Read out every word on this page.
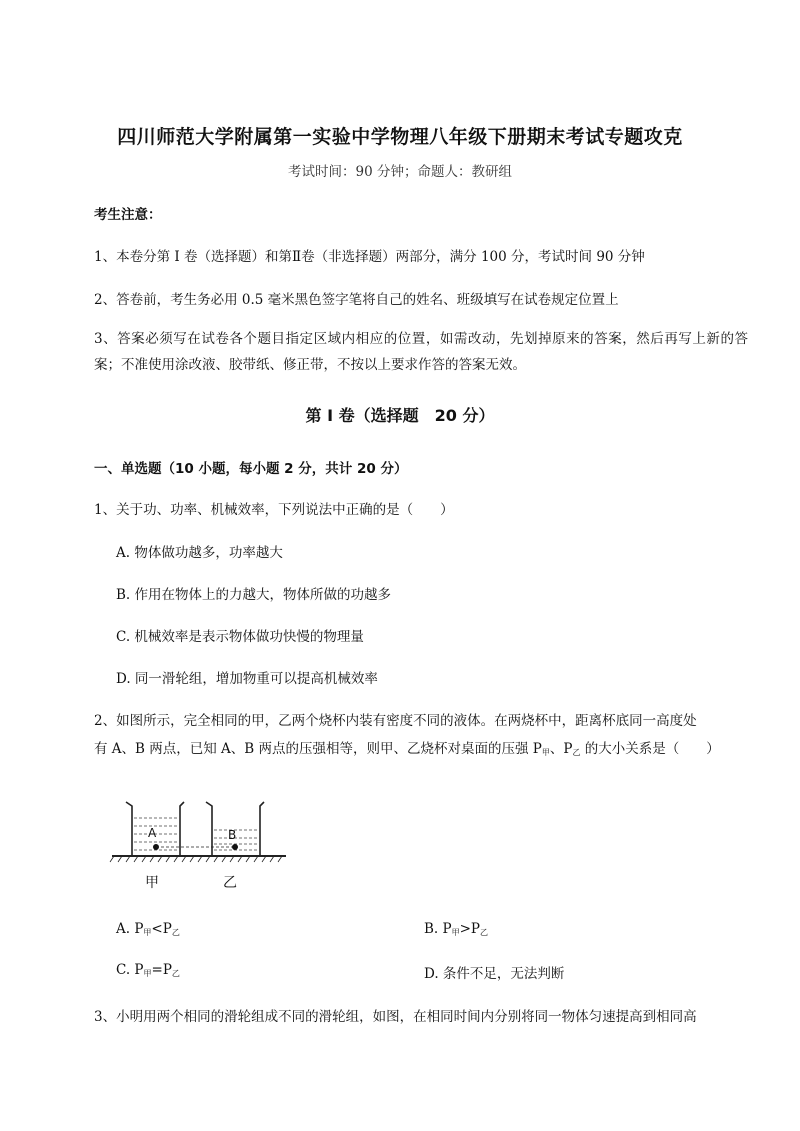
四川师范大学附属第一实验中学物理八年级下册期末考试专题攻克
考试时间：90 分钟；命题人：教研组
考生注意：
1、本卷分第 I 卷（选择题）和第Ⅱ卷（非选择题）两部分，满分 100 分，考试时间 90 分钟
2、答卷前，考生务必用 0.5 毫米黑色签字笔将自己的姓名、班级填写在试卷规定位置上
3、答案必须写在试卷各个题目指定区域内相应的位置，如需改动，先划掉原来的答案，然后再写上新的答案；不准使用涂改液、胶带纸、修正带，不按以上要求作答的答案无效。
第 I 卷（选择题　20 分）
一、单选题（10 小题，每小题 2 分，共计 20 分）
1、关于功、功率、机械效率，下列说法中正确的是（　　）
A. 物体做功越多，功率越大
B. 作用在物体上的力越大，物体所做的功越多
C. 机械效率是表示物体做功快慢的物理量
D. 同一滑轮组，增加物重可以提高机械效率
2、如图所示，完全相同的甲，乙两个烧杯内装有密度不同的液体。在两烧杯中，距离杯底同一高度处
有 A、B 两点，已知 A、B 两点的压强相等，则甲、乙烧杯对桌面的压强 $P_甲$、$P_乙$ 的大小关系是（　　）
A	B
甲	乙
A. $P_甲<P_乙$	B. $P_甲>P_乙$
C. $P_甲=P_乙$	D. 条件不足，无法判断
3、小明用两个相同的滑轮组成不同的滑轮组，如图，在相同时间内分别将同一物体匀速提高到相同高
